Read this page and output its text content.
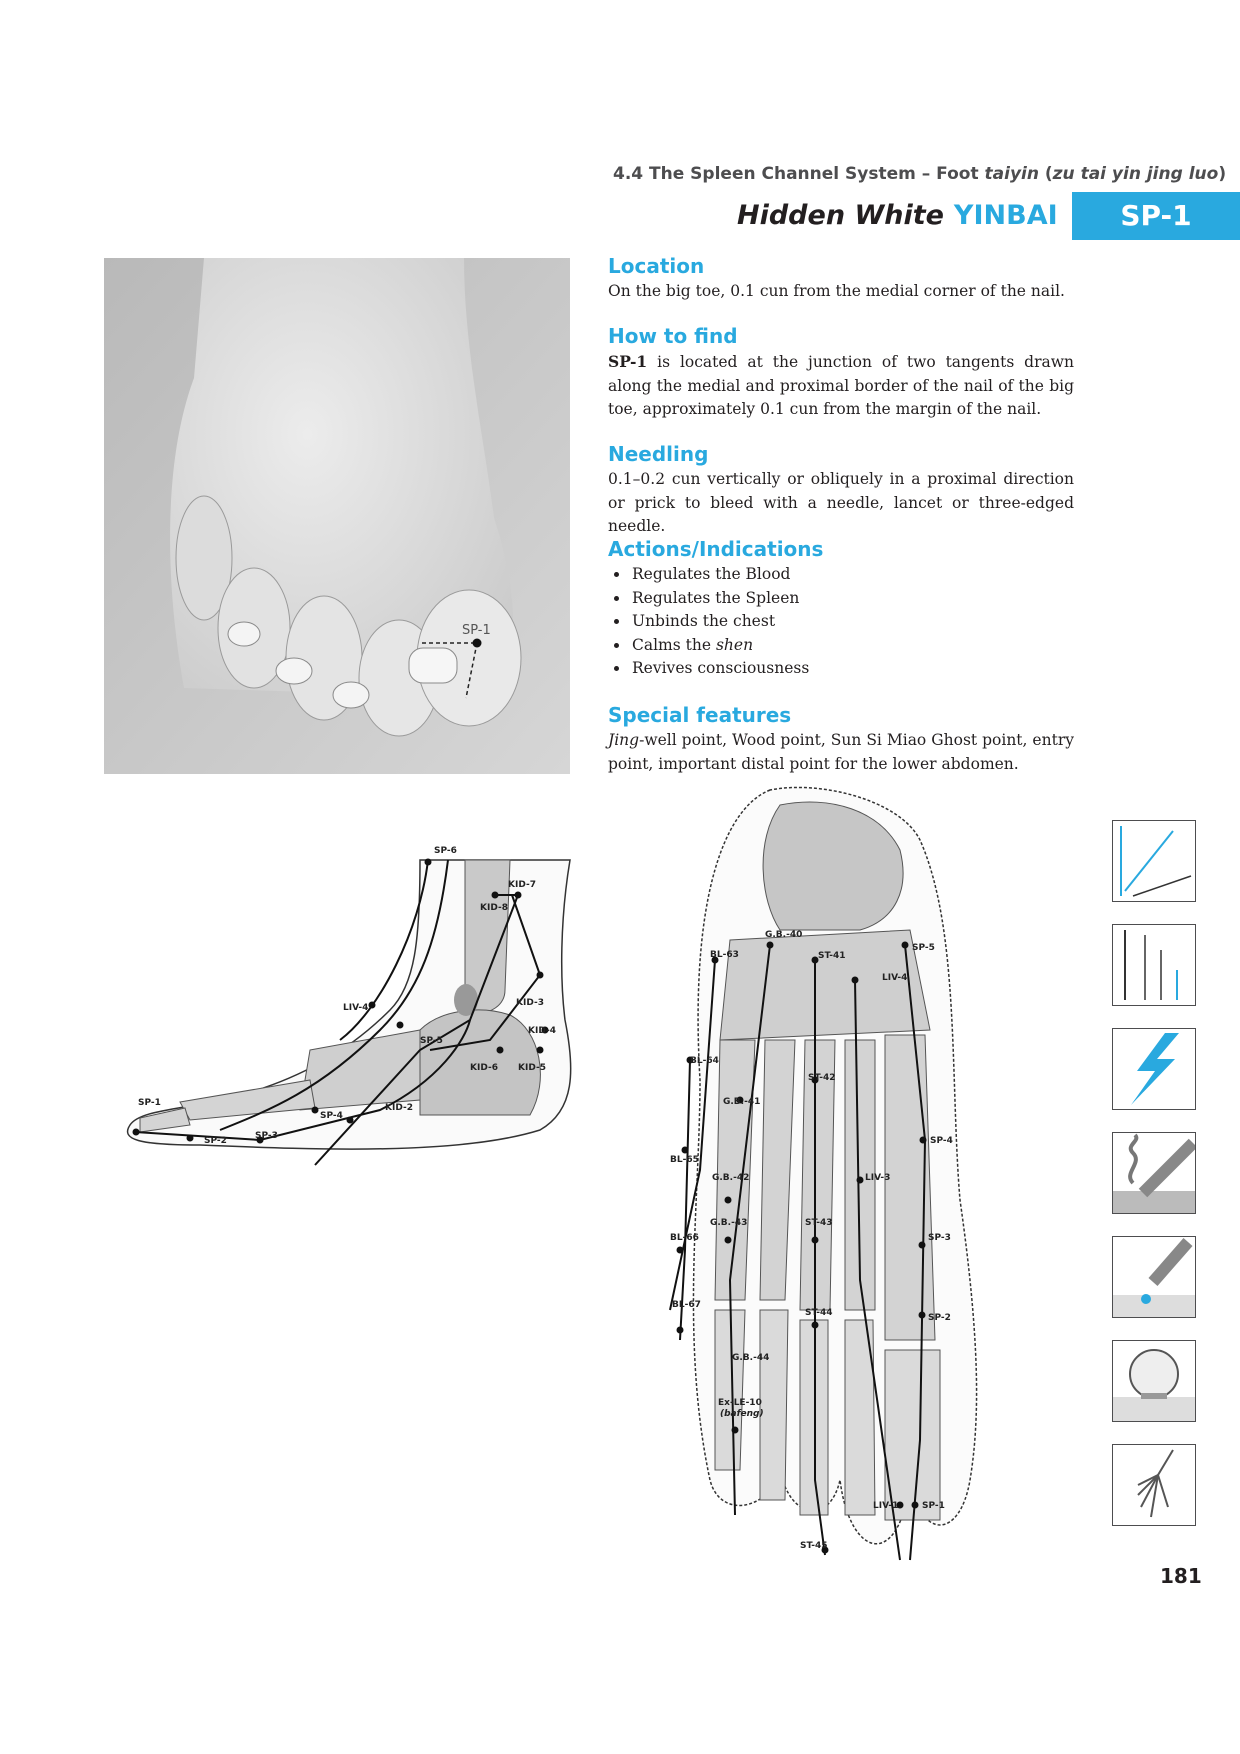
4.4 The Spleen Channel System – Foot taiyin (zu tai yin jing luo)
Hidden White YINBAI	SP-1
Location

On the big toe, 0.1 cun from the medial corner of the nail.

How to find

SP-1 is located at the junction of two tangents drawn along the medial and proximal border of the nail of the big toe, approximately 0.1 cun from the margin of the nail.

Needling

0.1–0.2 cun vertically or obliquely in a proximal direction or prick to bleed with a needle, lancet or three-edged needle.

Actions/Indications
• Regulates the Blood
• Regulates the Spleen
• Unbinds the chest
• Calms the shen
• Revives consciousness
Special features

Jing-well point, Wood point, Sun Si Miao Ghost point, entry point, important distal point for the lower abdomen.

SP-1
SP-6
KID-7
KID-8
LIV-4	KID-3
KID-4
SP-5
KID-6 KID-5
SP-1
SP-4
KID-2
SP-3
SP-2
G.B.-40
BL-63	ST-41
SP-5
LIV-4
BL-64
ST-42
G.B.-41
SP-4
BL-65
LIV-3
G.B.-42
G.B.-43	ST-43
BL-66	SP-3
BL-67
ST-44	SP-2
G.B.-44
Ex-LE-10
(bafeng)
LIV-1	SP-1
ST-45
181
